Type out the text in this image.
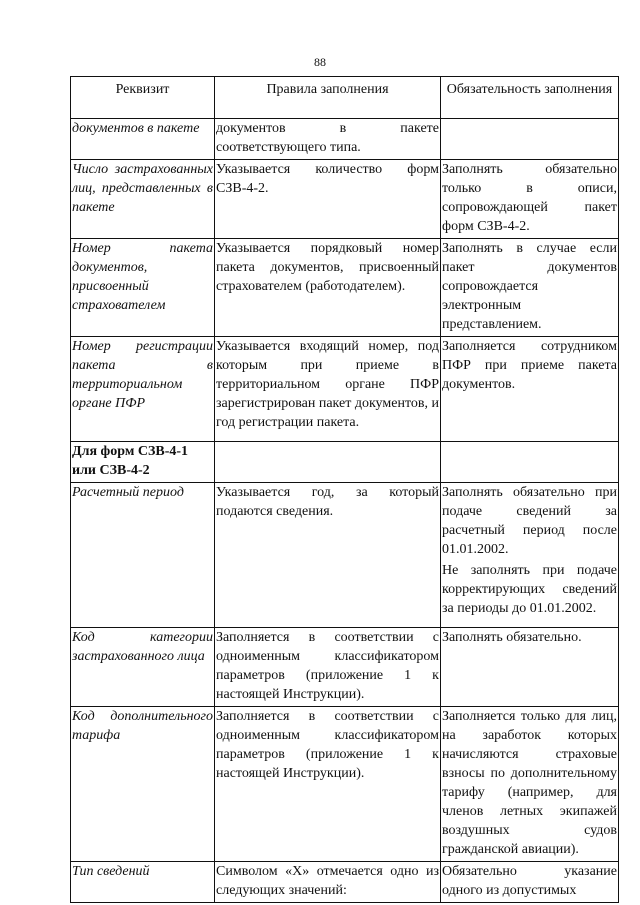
88
Реквизит	Правила заполнения	Обязательность заполнения
документов в пакете	документов в пакете соответствующего типа.	

Число застрахованных лиц, представленных в пакете	Указывается количество форм СЗВ-4-2.	Заполнять обязательно только в описи, сопровождающей пакет форм СЗВ-4-2.

Номер пакета документов, присвоенный страхователем	Указывается порядковый номер пакета документов, присвоенный страхователем (работодателем).	Заполнять в случае если пакет документов сопровождается электронным представлением.

Номер регистрации пакета в территориальном органе ПФР	Указывается входящий номер, под которым при приеме в территориальном органе ПФР зарегистрирован пакет документов, и год регистрации пакета.	Заполняется сотрудником ПФР при приеме пакета документов.

Для форм СЗВ-4-1 или СЗВ-4-2		
Расчетный период	Указывается год, за который подаются сведения.	Заполнять обязательно при подаче сведений за расчетный период после 01.01.2002.
Не заполнять при подаче корректирующих сведений за периоды до 01.01.2002.

Код категории застрахованного лица	Заполняется в соответствии с одноименным классификатором параметров (приложение 1 к настоящей Инструкции).	Заполнять обязательно.

Код дополнительного тарифа	Заполняется в соответствии с одноименным классификатором параметров (приложение 1 к настоящей Инструкции).	Заполняется только для лиц, на заработок которых начисляются страховые взносы по дополнительному тарифу (например, для членов летных экипажей воздушных судов гражданской авиации).

Тип сведений	Символом «Х» отмечается одно из следующих значений:	Обязательно указание одного из допустимых
